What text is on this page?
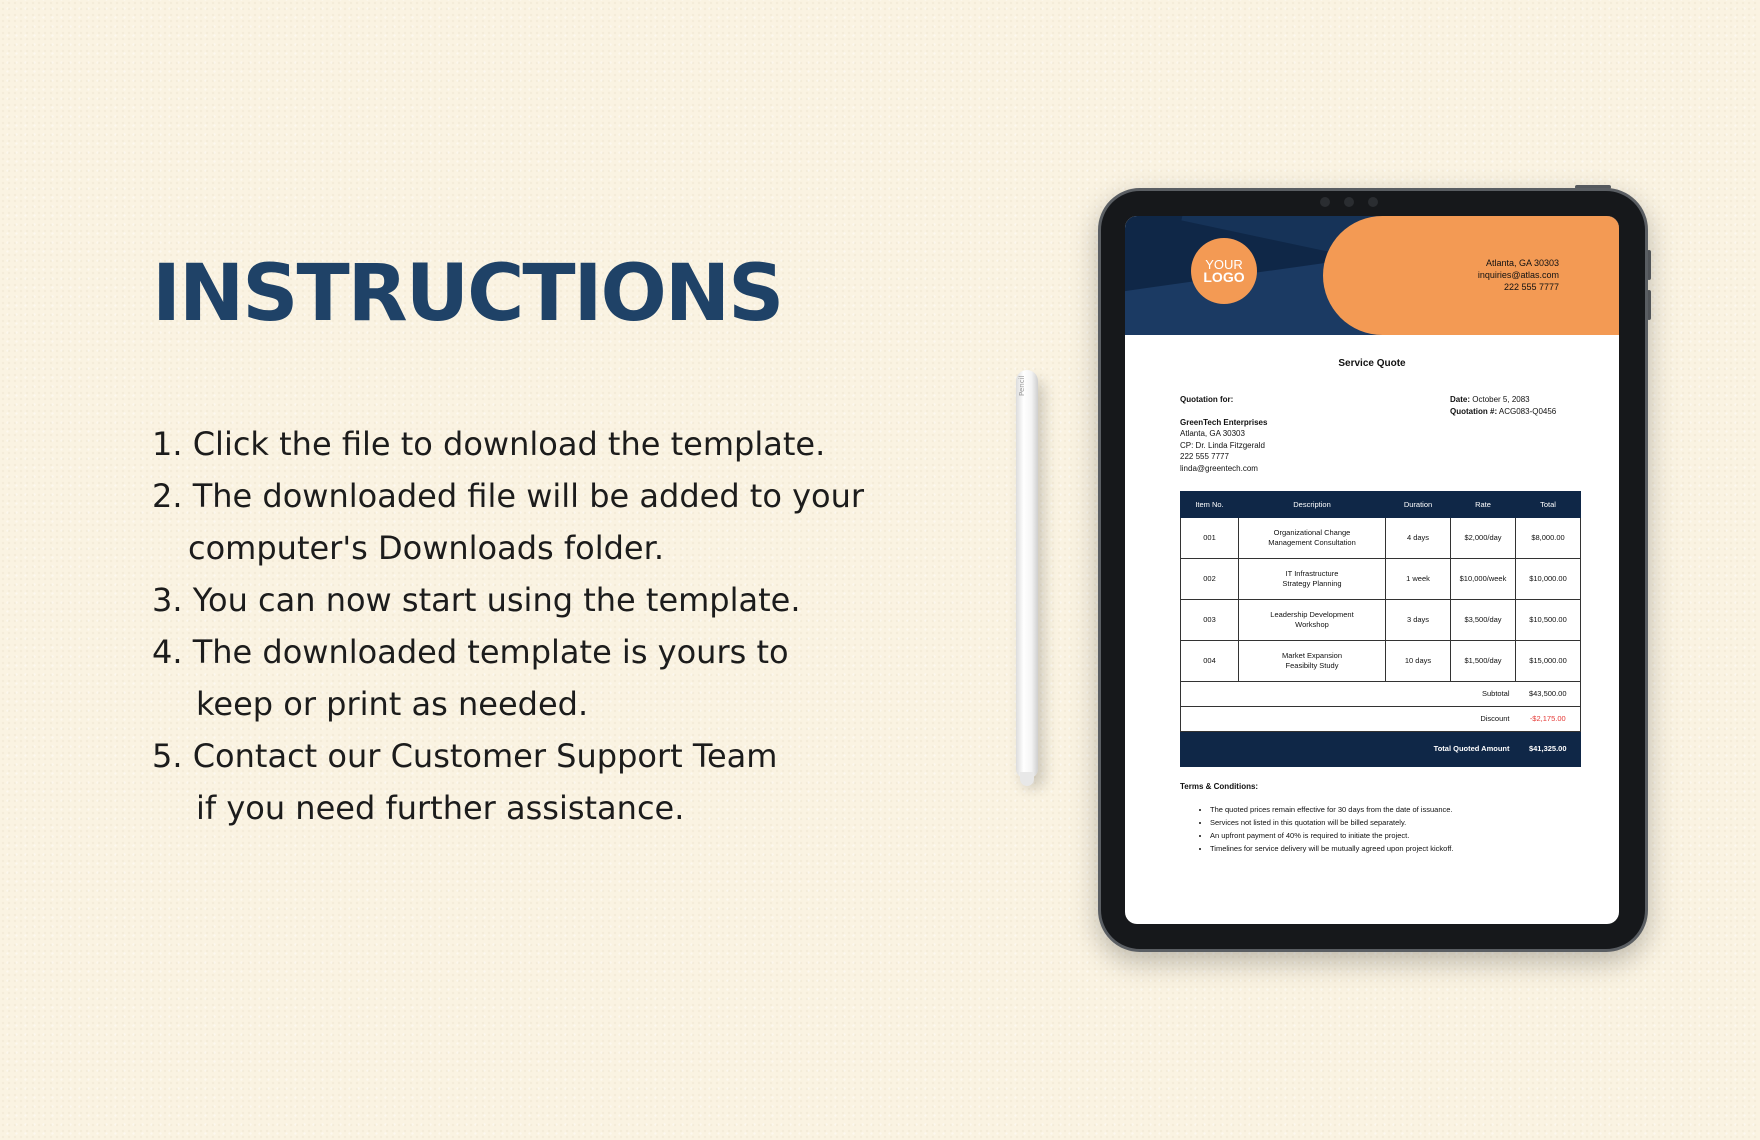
INSTRUCTIONS

1. Click the file to download the template.

2. The downloaded file will be added to your
computer's Downloads folder.

3. You can now start using the template.

4. The downloaded template is yours to
keep or print as needed.

5. Contact our Customer Support Team
if you need further assistance.

Pencil
YOUR
LOGO
Atlanta, GA 30303
inquiries@atlas.com
222 555 7777
Service Quote
Quotation for:
GreenTech Enterprises
Atlanta, GA 30303
CP: Dr. Linda Fitzgerald
222 555 7777
linda@greentech.com
Date: October 5, 2083
Quotation #: ACG083-Q0456
Item No.	Description	Duration	Rate	Total
001	Organizational Change
Management Consultation	4 days	$2,000/day	$8,000.00
002	IT Infrastructure
Strategy Planning	1 week	$10,000/week	$10,000.00
003	Leadership Development
Workshop	3 days	$3,500/day	$10,500.00
004	Market Expansion
Feasibilty Study	10 days	$1,500/day	$15,000.00
Subtotal				$43,500.00
Discount				-$2,175.00
Total Quoted Amount				$41,325.00
Terms & Conditions:
• The quoted prices remain effective for 30 days from the date of issuance.
• Services not listed in this quotation will be billed separately.
• An upfront payment of 40% is required to initiate the project.
• Timelines for service delivery will be mutually agreed upon project kickoff.
